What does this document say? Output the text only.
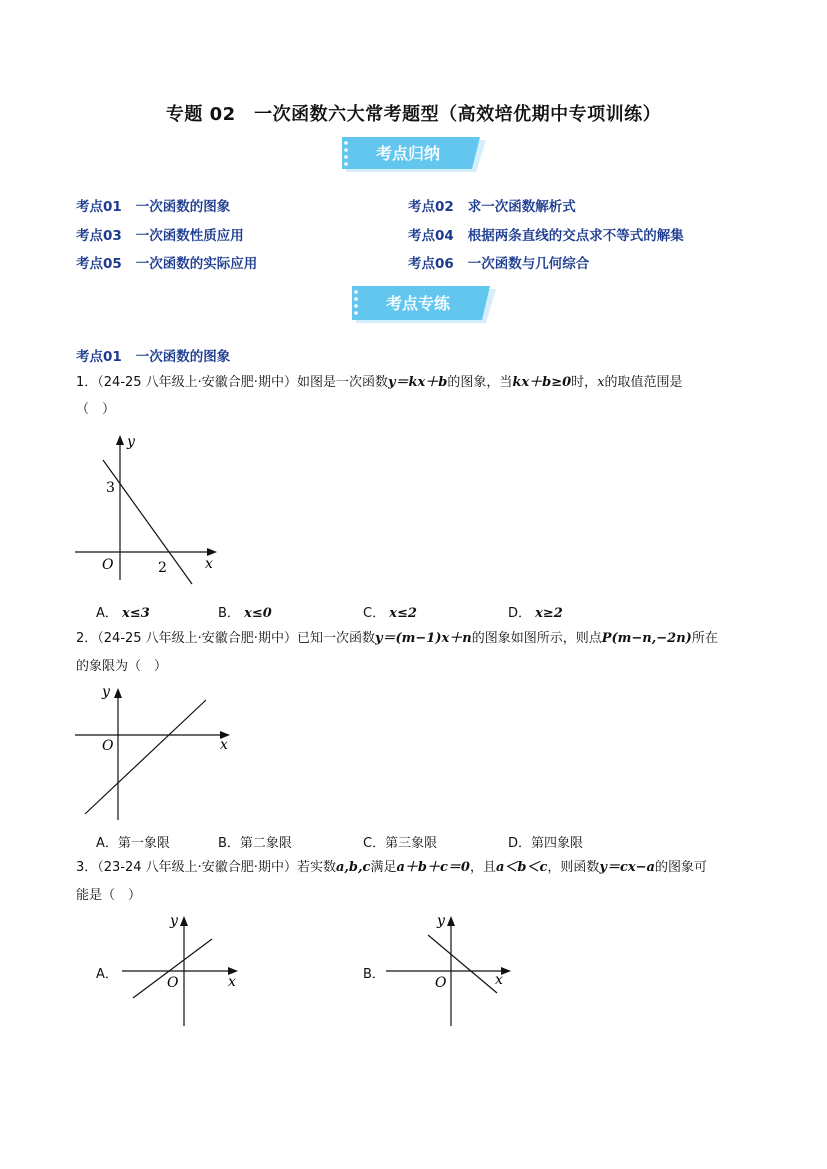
专题 02　一次函数六大常考题型（高效培优期中专项训练）
考点归纳
考点01 一次函数的图象	考点02 求一次函数解析式
考点03 一次函数性质应用	考点04 根据两条直线的交点求不等式的解集
考点05 一次函数的实际应用	考点06 一次函数与几何综合
考点专练
考点01 一次函数的图象
1．（24-25 八年级上·安徽合肥·期中）如图是一次函数y＝kx＋b的图象，当kx＋b≥0时，x的取值范围是
（　）
y
x
O
3
2
A． x≤3	B． x≤0	C． x≤2	D． x≥2
2．（24-25 八年级上·安徽合肥·期中）已知一次函数y＝(m−1)x＋n的图象如图所示，则点P(m−n,−2n)所在
的象限为（　）
y
x
O
A．第一象限	B．第二象限	C．第三象限	D．第四象限
3．（23-24 八年级上·安徽合肥·期中）若实数a,b,c满足a＋b＋c＝0，且a＜b＜c，则函数y＝cx−a的图象可
能是（　）
A．
y
x
O
B．
y
x
O
